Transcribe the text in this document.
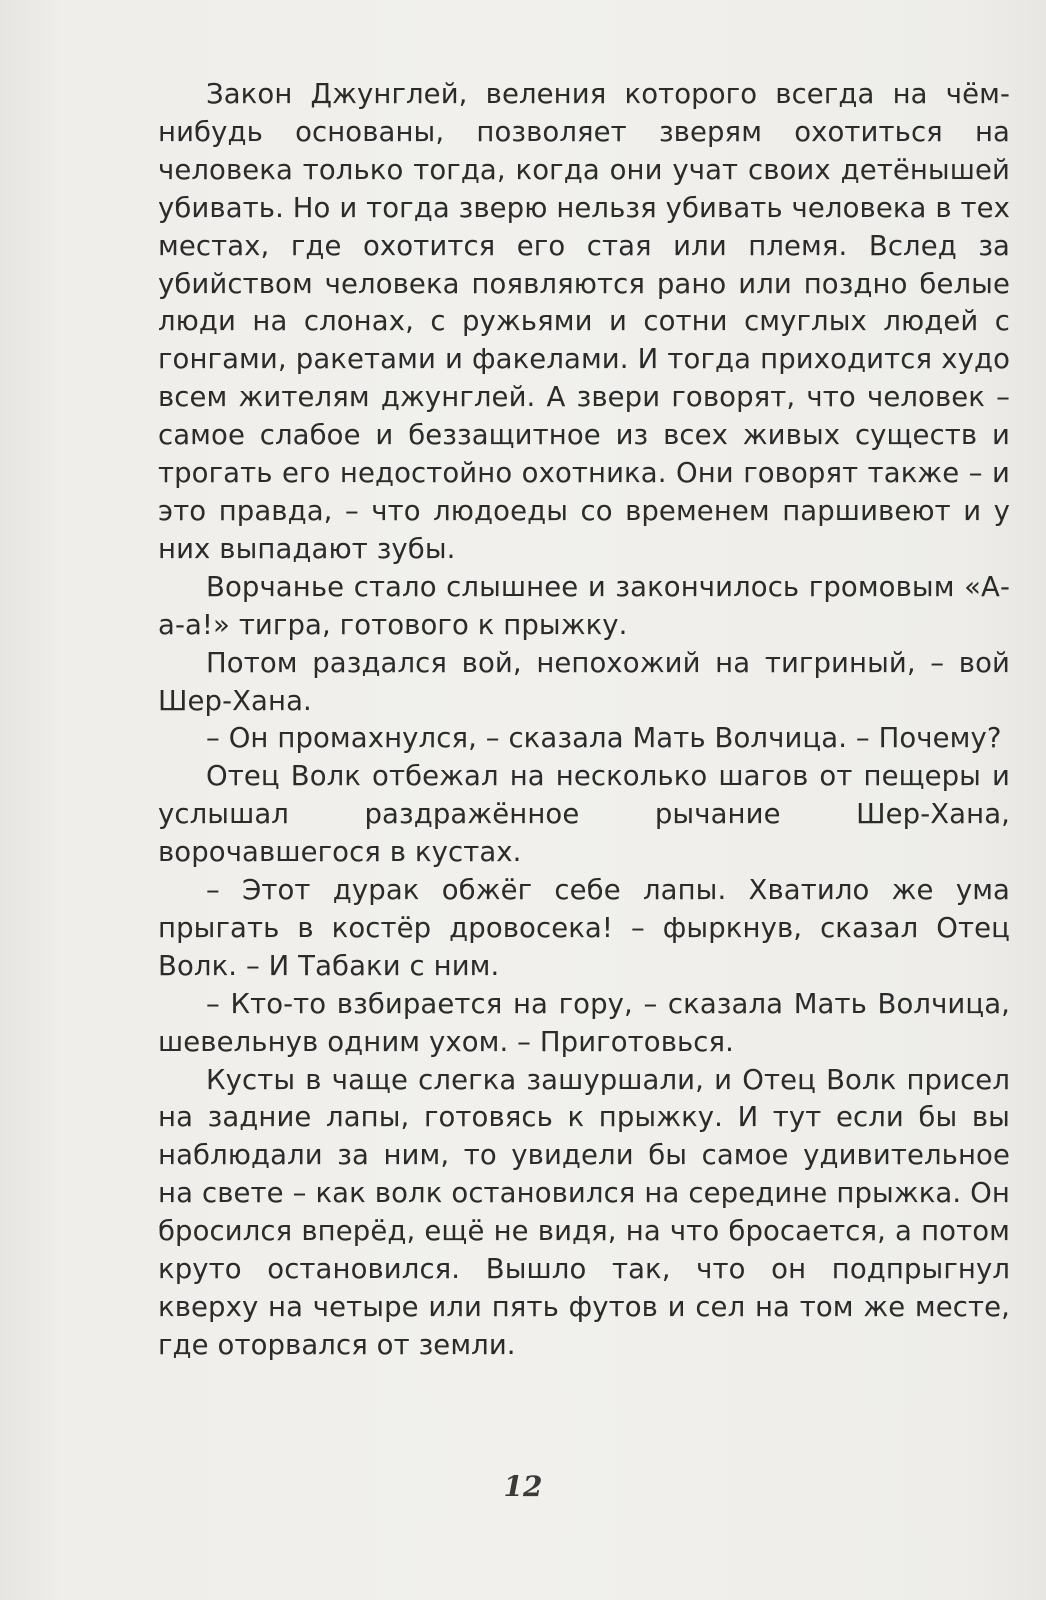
Закон Джунглей, веления которого всегда на чём-нибудь основаны, позволяет зверям охотиться на человека только тогда, когда они учат своих детёнышей убивать. Но и тогда зверю нельзя убивать человека в тех местах, где охотится его стая или племя. Вслед за убийством человека появляются рано или поздно белые люди на слонах, с ружьями и сотни смуглых людей с гонгами, ракетами и факелами. И тогда приходится худо всем жителям джунглей. А звери говорят, что человек – самое слабое и беззащитное из всех живых существ и трогать его недостойно охотника. Они говорят также – и это правда, – что людоеды со временем паршивеют и у них выпадают зубы.

Ворчанье стало слышнее и закончилось громовым «А-а-а!» тигра, готового к прыжку.

Потом раздался вой, непохожий на тигриный, – вой Шер-Хана.

– Он промахнулся, – сказала Мать Волчица. – Почему?

Отец Волк отбежал на несколько шагов от пещеры и услышал раздражённое рычание Шер-Хана, ворочавшегося в кустах.

– Этот дурак обжёг себе лапы. Хватило же ума прыгать в костёр дровосека! – фыркнув, сказал Отец Волк. – И Табаки с ним.

– Кто-то взбирается на гору, – сказала Мать Волчица, шевельнув одним ухом. – Приготовься.

Кусты в чаще слегка зашуршали, и Отец Волк присел на задние лапы, готовясь к прыжку. И тут если бы вы наблюдали за ним, то увидели бы самое удивительное на свете – как волк остановился на середине прыжка. Он бросился вперёд, ещё не видя, на что бросается, а потом круто остановился. Вышло так, что он подпрыгнул кверху на четыре или пять футов и сел на том же месте, где оторвался от земли.

12
